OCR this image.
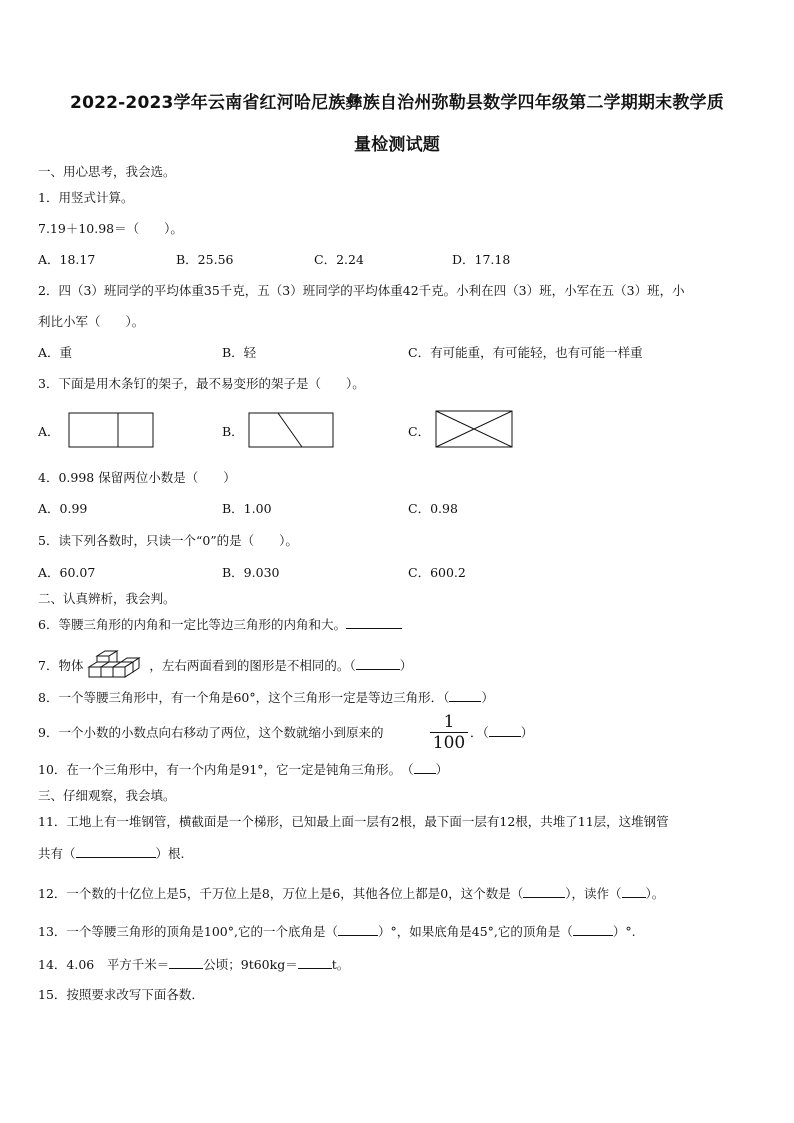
2022-2023学年云南省红河哈尼族彝族自治州弥勒县数学四年级第二学期期末教学质
量检测试题
一、用心思考，我会选。
1．用竖式计算。
7.19＋10.98＝（　　）。
A．18.17	B．25.56	C．2.24	D．17.18
2．四（3）班同学的平均体重35千克，五（3）班同学的平均体重42千克。小利在四（3）班，小军在五（3）班，小
利比小军（　　）。
A．重	B．轻	C．有可能重，有可能轻，也有可能一样重
3．下面是用木条钉的架子，最不易变形的架子是（　　）。
A．	B．	C．
4．0.998 保留两位小数是（　　）
A．0.99	B．1.00	C．0.98
5．读下列各数时，只读一个“0”的是（　　）。
A．60.07	B．9.030	C．600.2
二、认真辨析，我会判。
6．等腰三角形的内角和一定比等边三角形的内角和大。
7．物体	，左右两面看到的图形是不相同的。（	）
8．一个等腰三角形中，有一个角是60°，这个三角形一定是等边三角形．（	）
9．一个小数的小数点向右移动了两位，这个数就缩小到原来的	$\frac{1}{100}$ ．（	）
10．在一个三角形中，有一个内角是91°，它一定是钝角三角形。　（ ）
三、仔细观察，我会填。
11．工地上有一堆钢管，横截面是一个梯形，已知最上面一层有2根，最下面一层有12根，共堆了11层，这堆钢管
共有（	）根.
12．一个数的十亿位上是5，千万位上是8，万位上是6，其他各位上都是0，这个数是（	），读作（ ）。
13．一个等腰三角形的顶角是100°,它的一个底角是（	）°，如果底角是45°,它的顶角是（	）°.
14．4.06　平方千米＝	公顷；9t60kg＝	t。
15．按照要求改写下面各数．
